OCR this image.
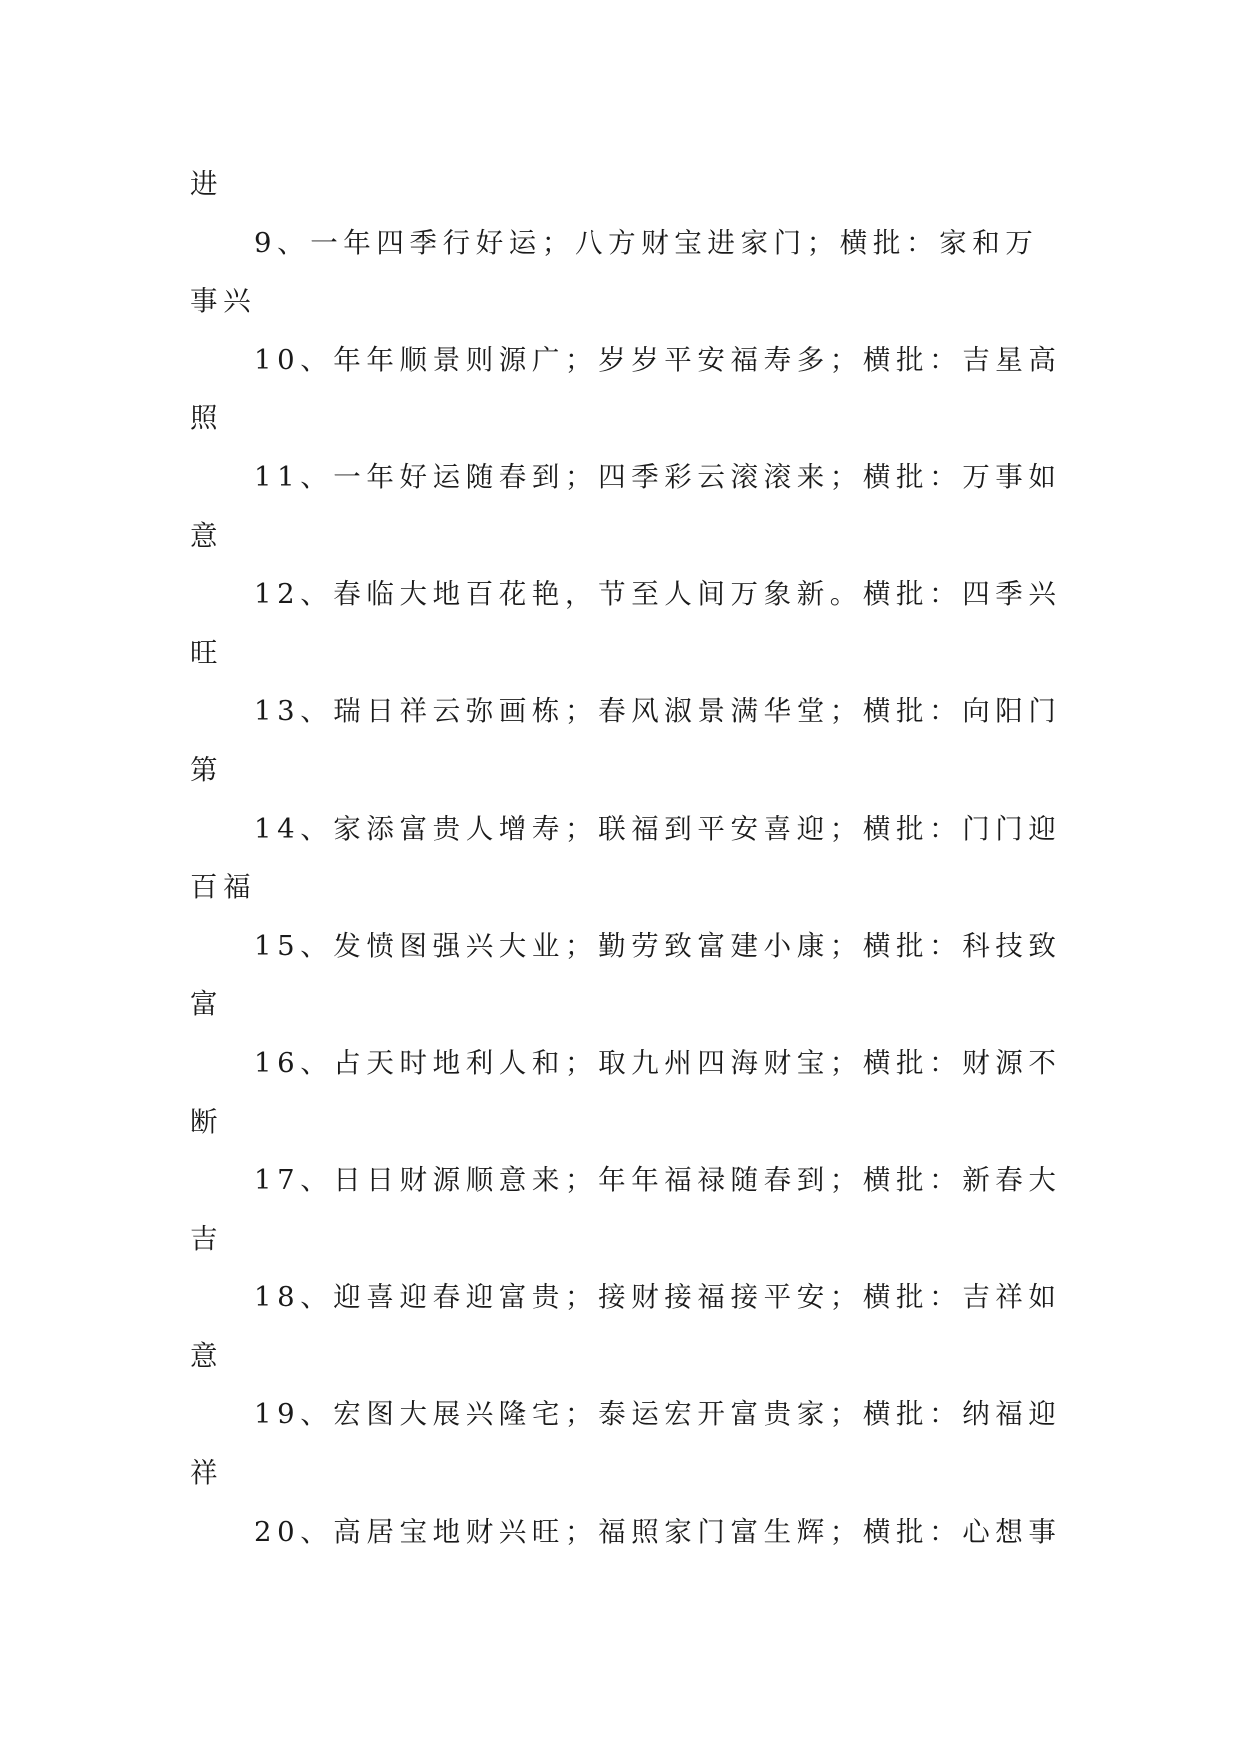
进
9、一年四季行好运；八方财宝进家门；横批：家和万
事兴
10、年年顺景则源广；岁岁平安福寿多；横批：吉星高
照
11、一年好运随春到；四季彩云滚滚来；横批：万事如
意
12、春临大地百花艳，节至人间万象新。横批：四季兴
旺
13、瑞日祥云弥画栋；春风淑景满华堂；横批：向阳门
第
14、家添富贵人增寿；联福到平安喜迎；横批：门门迎
百福
15、发愤图强兴大业；勤劳致富建小康；横批：科技致
富
16、占天时地利人和；取九州四海财宝；横批：财源不
断
17、日日财源顺意来；年年福禄随春到；横批：新春大
吉
18、迎喜迎春迎富贵；接财接福接平安；横批：吉祥如
意
19、宏图大展兴隆宅；泰运宏开富贵家；横批：纳福迎
祥
20、高居宝地财兴旺；福照家门富生辉；横批：心想事
